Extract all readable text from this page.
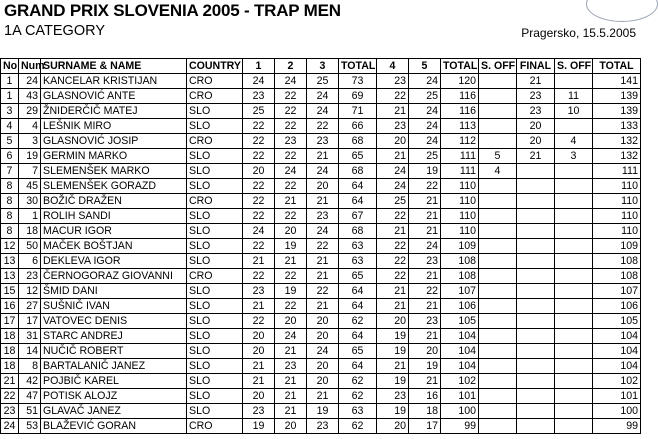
GRAND PRIX SLOVENIA 2005 - TRAP MEN
1A CATEGORY	Pragersko, 15.5.2005
No	Num	SURNAME & NAME	COUNTRY	1	2	3	TOTAL	4	5	TOTAL	S. OFF	FINAL	S. OFF	TOTAL
1	24	KANCELAR KRISTIJAN	CRO	24	24	25	73	23	24	120		21		141
1	43	GLASNOVIĆ ANTE	CRO	23	22	24	69	22	25	116		23	11	139
3	29	ŽNIDERČIČ MATEJ	SLO	25	22	24	71	21	24	116		23	10	139
4	4	LEŠNIK MIRO	SLO	22	22	22	66	23	24	113		20		133
5	3	GLASNOVIĆ JOSIP	CRO	22	23	23	68	20	24	112		20	4	132
6	19	GERMIN MARKO	SLO	22	22	21	65	21	25	111	5	21	3	132
7	7	SLEMENŠEK MARKO	SLO	20	24	24	68	24	19	111	4			111
8	45	SLEMENŠEK GORAZD	SLO	22	22	20	64	24	22	110				110
8	30	BOŽIČ DRAŽEN	CRO	22	21	21	64	25	21	110				110
8	1	ROLIH SANDI	SLO	22	22	23	67	22	21	110				110
8	18	MACUR IGOR	SLO	24	20	24	68	21	21	110				110
12	50	MAČEK BOŠTJAN	SLO	22	19	22	63	22	24	109				109
13	6	DEKLEVA IGOR	SLO	21	21	21	63	22	23	108				108
13	23	ČERNOGORAZ GIOVANNI	CRO	22	22	21	65	22	21	108				108
15	12	ŠMID DANI	SLO	23	19	22	64	21	22	107				107
16	27	SUŠNIČ IVAN	SLO	21	22	21	64	21	21	106				106
17	17	VATOVEC DENIS	SLO	22	20	20	62	20	23	105				105
18	31	STARC ANDREJ	SLO	20	24	20	64	19	21	104				104
18	14	NUČIČ ROBERT	SLO	20	21	24	65	19	20	104				104
18	8	BARTALANIČ JANEZ	SLO	21	23	20	64	21	19	104				104
21	42	POJBIČ KAREL	SLO	21	21	20	62	19	21	102				102
22	47	POTISK ALOJZ	SLO	20	21	21	62	23	16	101				101
23	51	GLAVAČ JANEZ	SLO	23	21	19	63	19	18	100				100
24	53	BLAŽEVIĆ GORAN	CRO	19	20	23	62	20	17	99				99
